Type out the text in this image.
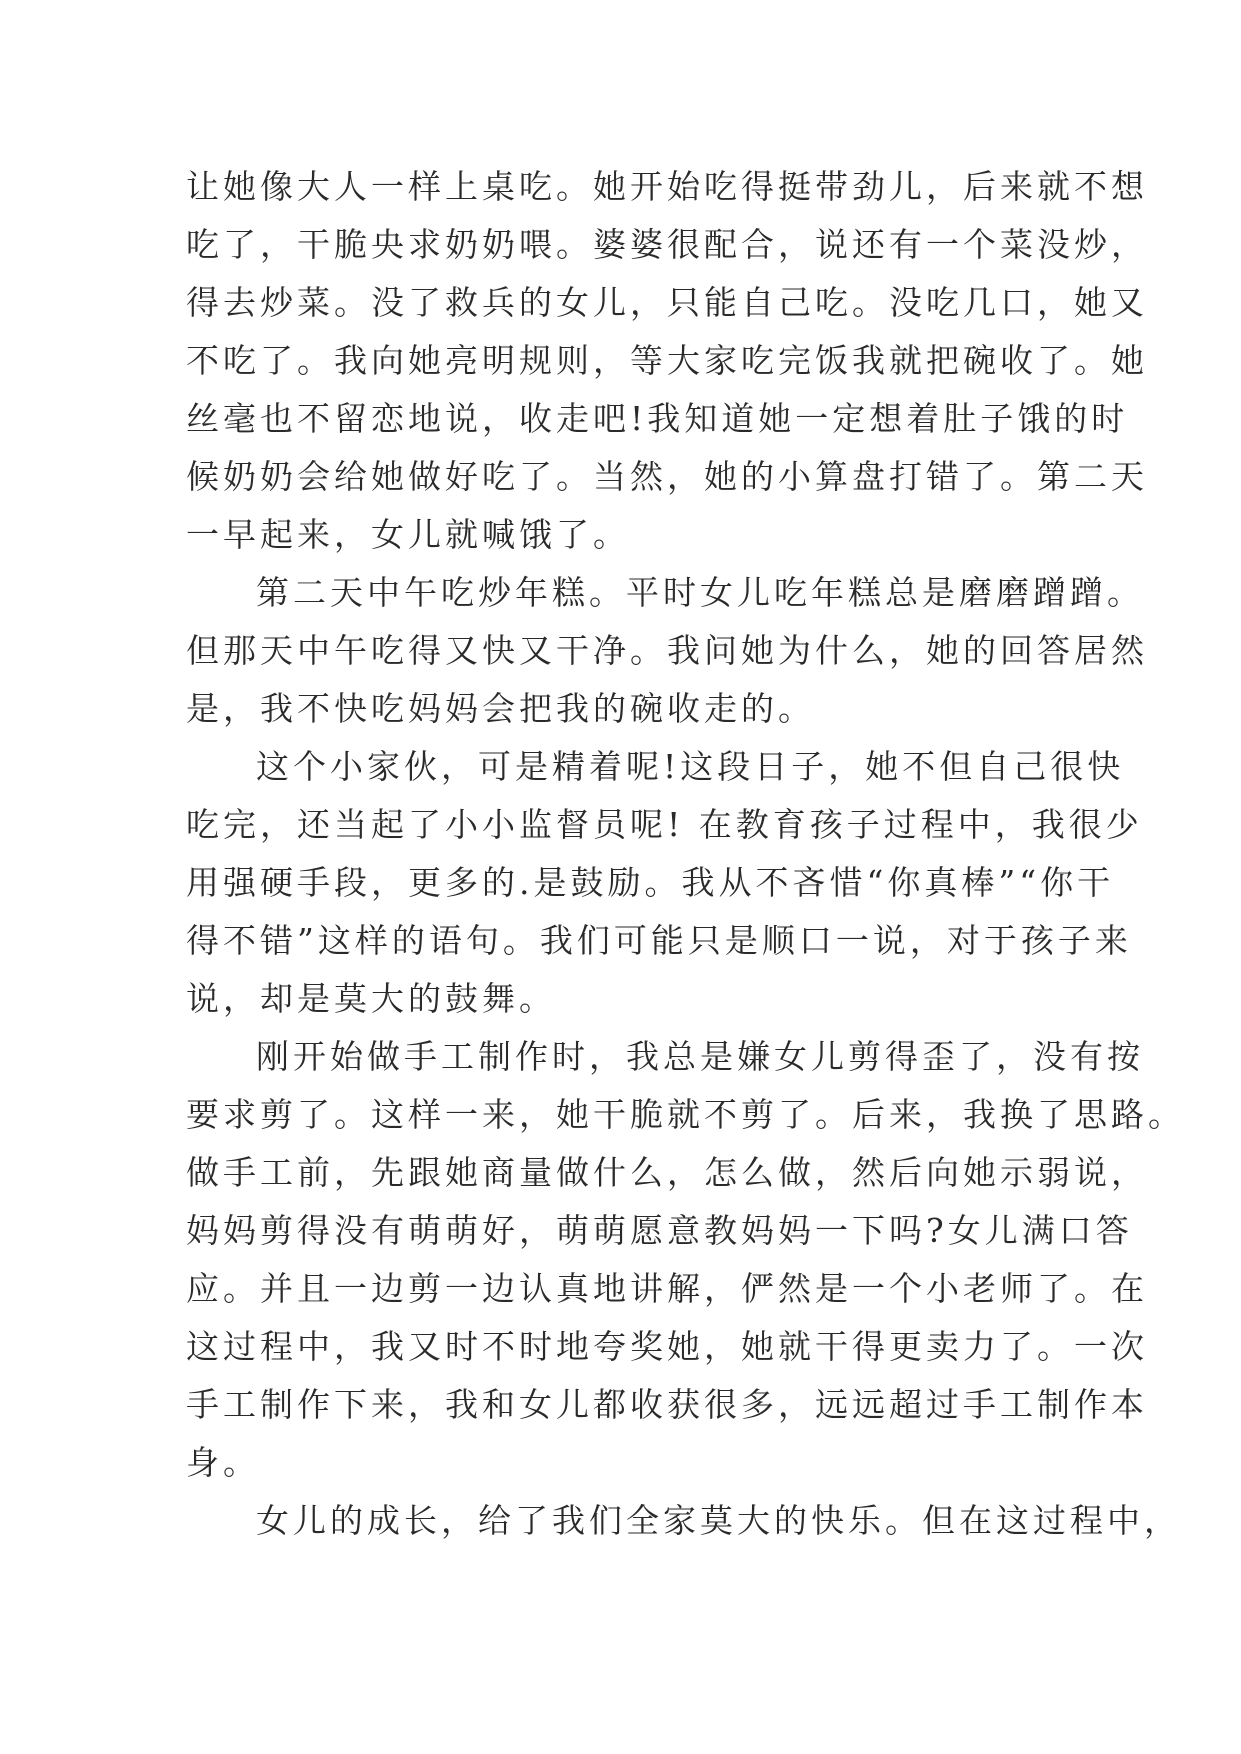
让她像大人一样上桌吃。她开始吃得挺带劲儿，后来就不想
吃了，干脆央求奶奶喂。婆婆很配合，说还有一个菜没炒，
得去炒菜。没了救兵的女儿，只能自己吃。没吃几口，她又
不吃了。我向她亮明规则，等大家吃完饭我就把碗收了。她
丝毫也不留恋地说，收走吧!我知道她一定想着肚子饿的时
候奶奶会给她做好吃了。当然，她的小算盘打错了。第二天
一早起来，女儿就喊饿了。
第二天中午吃炒年糕。平时女儿吃年糕总是磨磨蹭蹭。
但那天中午吃得又快又干净。我问她为什么，她的回答居然
是，我不快吃妈妈会把我的碗收走的。
这个小家伙，可是精着呢!这段日子，她不但自己很快
吃完，还当起了小小监督员呢! 在教育孩子过程中，我很少
用强硬手段，更多的.是鼓励。我从不吝惜“你真棒”“你干
得不错”这样的语句。我们可能只是顺口一说，对于孩子来
说，却是莫大的鼓舞。
刚开始做手工制作时，我总是嫌女儿剪得歪了，没有按
要求剪了。这样一来，她干脆就不剪了。后来，我换了思路。
做手工前，先跟她商量做什么，怎么做，然后向她示弱说，
妈妈剪得没有萌萌好，萌萌愿意教妈妈一下吗?女儿满口答
应。并且一边剪一边认真地讲解，俨然是一个小老师了。在
这过程中，我又时不时地夸奖她，她就干得更卖力了。一次
手工制作下来，我和女儿都收获很多，远远超过手工制作本
身。
女儿的成长，给了我们全家莫大的快乐。但在这过程中，
